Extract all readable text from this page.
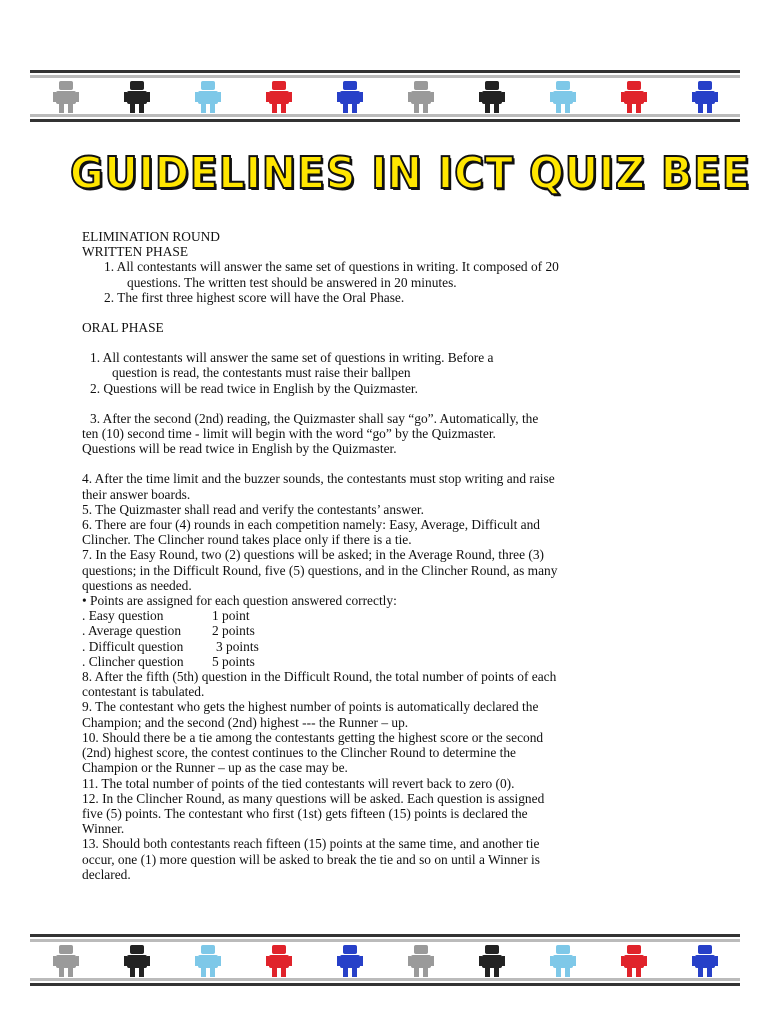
GUIDELINES IN ICT QUIZ BEE
ELIMINATION ROUND
WRITTEN PHASE
1. All contestants will answer the same set of questions in writing. It composed of 20
questions. The written test should be answered in 20 minutes.
2. The first three highest score will have the Oral Phase.
ORAL PHASE
1. All contestants will answer the same set of questions in writing. Before a
question is read, the contestants must raise their ballpen
2. Questions will be read twice in English by the Quizmaster.
3. After the second (2nd) reading, the Quizmaster shall say “go”. Automatically, the
ten (10) second time - limit will begin with the word “go” by the Quizmaster.
Questions will be read twice in English by the Quizmaster.
4. After the time limit and the buzzer sounds, the contestants must stop writing and raise
their answer boards.
5. The Quizmaster shall read and verify the contestants’ answer.
6. There are four (4) rounds in each competition namely: Easy, Average, Difficult and
Clincher. The Clincher round takes place only if there is a tie.
7. In the Easy Round, two (2) questions will be asked; in the Average Round, three (3)
questions; in the Difficult Round, five (5) questions, and in the Clincher Round, as many
questions as needed.
• Points are assigned for each question answered correctly:
. Easy question	1 point
. Average question 2 points
. Difficult question 3 points
. Clincher question 5 points
8. After the fifth (5th) question in the Difficult Round, the total number of points of each
contestant is tabulated.
9. The contestant who gets the highest number of points is automatically declared the
Champion; and the second (2nd) highest --- the Runner – up.
10. Should there be a tie among the contestants getting the highest score or the second
(2nd) highest score, the contest continues to the Clincher Round to determine the
Champion or the Runner – up as the case may be.
11. The total number of points of the tied contestants will revert back to zero (0).
12. In the Clincher Round, as many questions will be asked. Each question is assigned
five (5) points. The contestant who first (1st) gets fifteen (15) points is declared the
Winner.
13. Should both contestants reach fifteen (15) points at the same time, and another tie
occur, one (1) more question will be asked to break the tie and so on until a Winner is
declared.
